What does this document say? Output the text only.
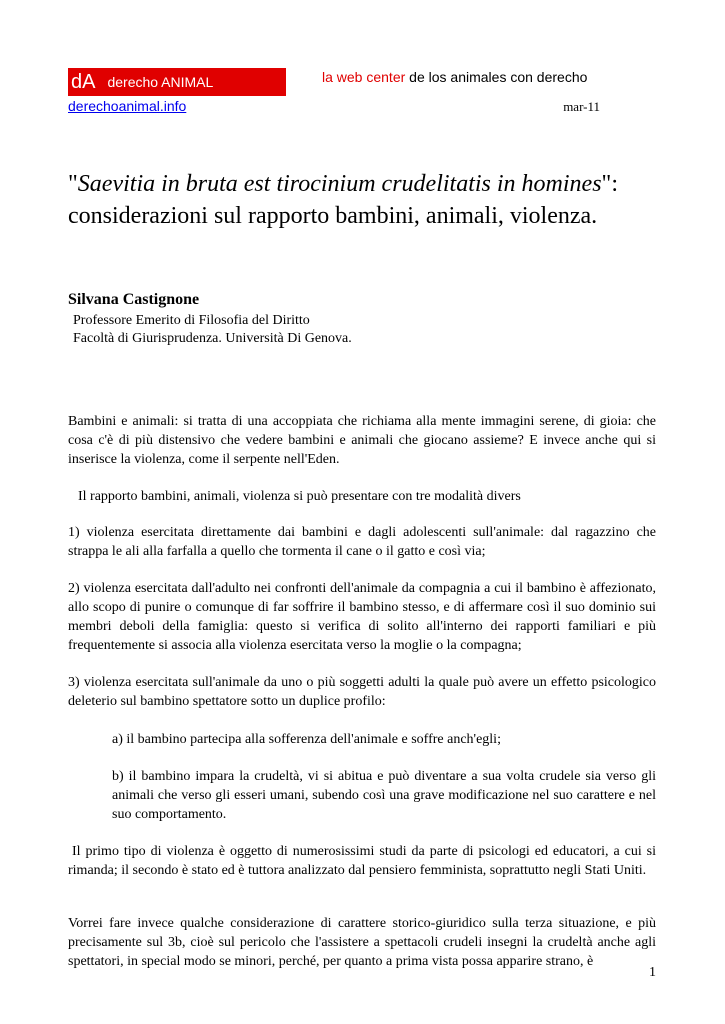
dA derecho ANIMAL	la web center de los animales con derecho
derechoanimal.info	mar-11
"Saevitia in bruta est tirocinium crudelitatis in homines":
considerazioni sul rapporto bambini, animali, violenza.
Silvana Castignone
Professore Emerito di Filosofia del Diritto
Facoltà di Giurisprudenza. Università Di Genova.

Bambini e animali: si tratta di una accoppiata che richiama alla mente immagini serene, di gioia: che cosa c'è di più distensivo che vedere bambini e animali che giocano assieme? E invece anche qui si inserisce la violenza, come il serpente nell'Eden.

Il rapporto bambini, animali, violenza si può presentare con tre modalità divers

1) violenza esercitata direttamente dai bambini e dagli adolescenti sull'animale: dal ragazzino che strappa le ali alla farfalla a quello che tormenta il cane o il gatto e così via;

2) violenza esercitata dall'adulto nei confronti dell'animale da compagnia a cui il bambino è affezionato, allo scopo di punire o comunque di far soffrire il bambino stesso, e di affermare così il suo dominio sui membri deboli della famiglia: questo si verifica di solito all'interno dei rapporti familiari e più frequentemente si associa alla violenza esercitata verso la moglie o la compagna;

3) violenza esercitata sull'animale da uno o più soggetti adulti la quale può avere un effetto psicologico deleterio sul bambino spettatore sotto un duplice profilo:

a) il bambino partecipa alla sofferenza dell'animale e soffre anch'egli;

b) il bambino impara la crudeltà, vi si abitua e può diventare a sua volta crudele sia verso gli animali che verso gli esseri umani, subendo così una grave modificazione nel suo carattere e nel suo comportamento.

Il primo tipo di violenza è oggetto di numerosissimi studi da parte di psicologi ed educatori, a cui si rimanda; il secondo è stato ed è tuttora analizzato dal pensiero femminista, soprattutto negli Stati Uniti.

Vorrei fare invece qualche considerazione di carattere storico-giuridico sulla terza situazione, e più precisamente sul 3b, cioè sul pericolo che l'assistere a spettacoli crudeli insegni la crudeltà anche agli spettatori, in special modo se minori, perché, per quanto a prima vista possa apparire strano, è

1
